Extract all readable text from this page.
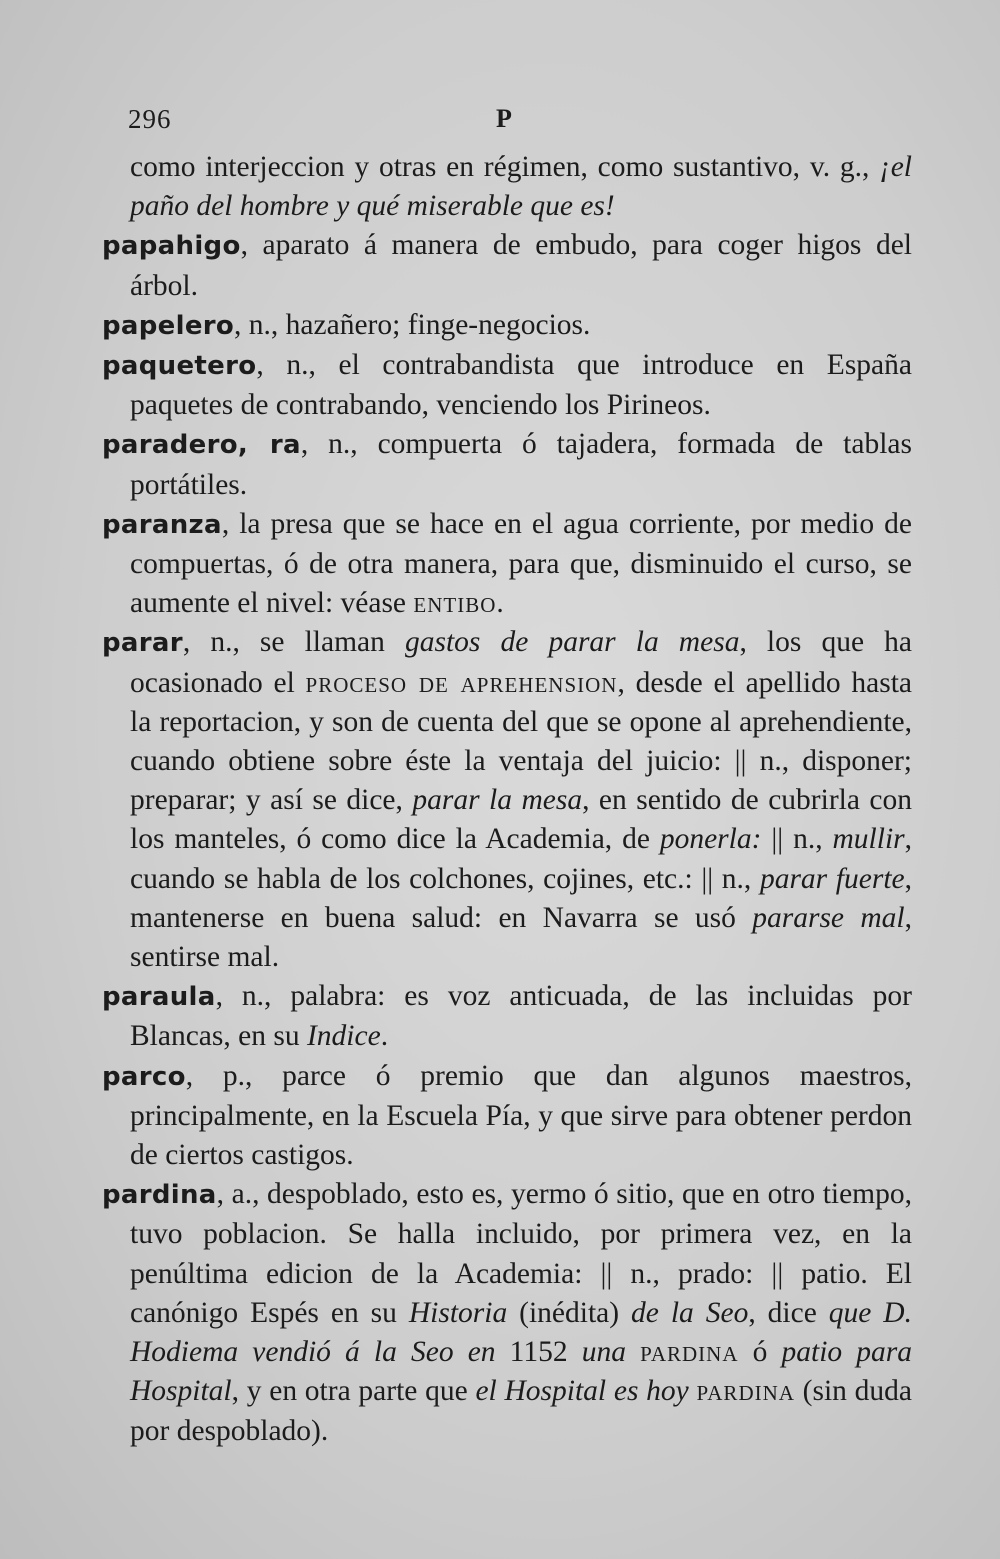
296	P

como interjeccion y otras en régimen, como sustantivo, v. g., ¡el paño del hombre y qué miserable que es!

papahigo, aparato á manera de embudo, para coger higos del árbol.

papelero, n., hazañero; finge-negocios.

paquetero, n., el contrabandista que introduce en España paquetes de contrabando, venciendo los Pirineos.

paradero, ra, n., compuerta ó tajadera, formada de tablas portátiles.

paranza, la presa que se hace en el agua corriente, por medio de compuertas, ó de otra manera, para que, disminuido el curso, se aumente el nivel: véase entibo.

parar, n., se llaman gastos de parar la mesa, los que ha ocasionado el proceso de aprehension, desde el apellido hasta la reportacion, y son de cuenta del que se opone al aprehendiente, cuando obtiene sobre éste la ventaja del juicio: || n., disponer; preparar; y así se dice, parar la mesa, en sentido de cubrirla con los manteles, ó como dice la Academia, de ponerla: || n., mullir, cuando se habla de los colchones, cojines, etc.: || n., parar fuerte, mantenerse en buena salud: en Navarra se usó pararse mal, sentirse mal.

paraula, n., palabra: es voz anticuada, de las incluidas por Blancas, en su Indice.

parco, p., parce ó premio que dan algunos maestros, principalmente, en la Escuela Pía, y que sirve para obtener perdon de ciertos castigos.

pardina, a., despoblado, esto es, yermo ó sitio, que en otro tiempo, tuvo poblacion. Se halla incluido, por primera vez, en la penúltima edicion de la Academia: || n., prado: || patio. El canónigo Espés en su Historia (inédita) de la Seo, dice que D. Hodiema vendió á la Seo en 1152 una pardina ó patio para Hospital, y en otra parte que el Hospital es hoy pardina (sin duda por despoblado).
